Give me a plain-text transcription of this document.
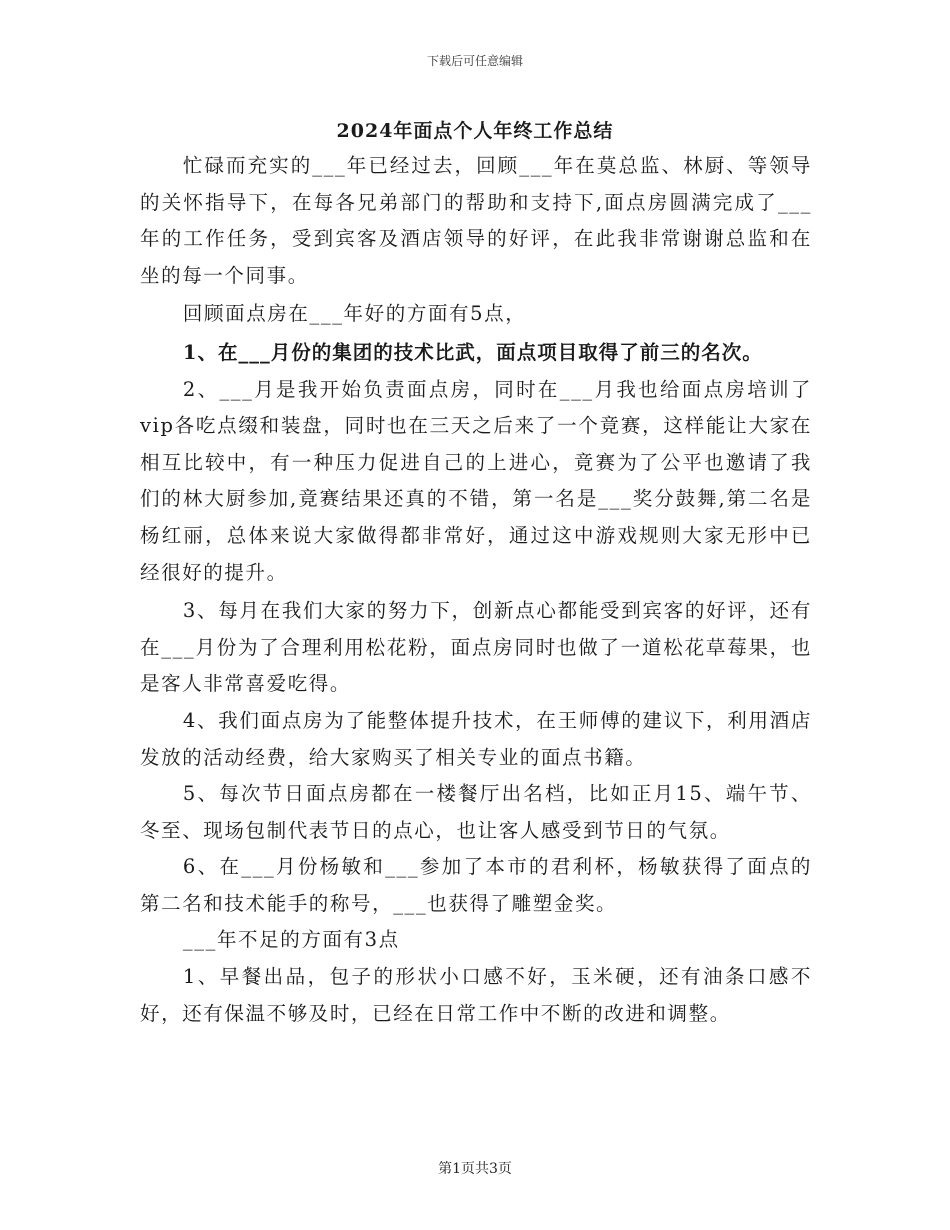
下载后可任意编辑
2024年面点个人年终工作总结

忙碌而充实的___年已经过去，回顾___年在莫总监、林厨、等领导的关怀指导下，在每各兄弟部门的帮助和支持下,面点房圆满完成了___年的工作任务，受到宾客及酒店领导的好评，在此我非常谢谢总监和在坐的每一个同事。

回顾面点房在___年好的方面有5点，

1、在___月份的集团的技术比武，面点项目取得了前三的名次。

2、___月是我开始负责面点房，同时在___月我也给面点房培训了vip各吃点缀和装盘，同时也在三天之后来了一个竟赛，这样能让大家在相互比较中，有一种压力促进自己的上进心，竟赛为了公平也邀请了我们的林大厨参加,竟赛结果还真的不错，第一名是___奖分鼓舞,第二名是杨红丽，总体来说大家做得都非常好，通过这中游戏规则大家无形中已经很好的提升。

3、每月在我们大家的努力下，创新点心都能受到宾客的好评，还有在___月份为了合理利用松花粉，面点房同时也做了一道松花草莓果，也是客人非常喜爱吃得。

4、我们面点房为了能整体提升技术，在王师傅的建议下，利用酒店发放的活动经费，给大家购买了相关专业的面点书籍。

5、每次节日面点房都在一楼餐厅出名档，比如正月15、端午节、冬至、现场包制代表节日的点心，也让客人感受到节日的气氛。

6、在___月份杨敏和___参加了本市的君利杯，杨敏获得了面点的第二名和技术能手的称号，___也获得了雕塑金奖。

___年不足的方面有3点

1、早餐出品，包子的形状小口感不好，玉米硬，还有油条口感不好，还有保温不够及时，已经在日常工作中不断的改进和调整。

第1页共3页
